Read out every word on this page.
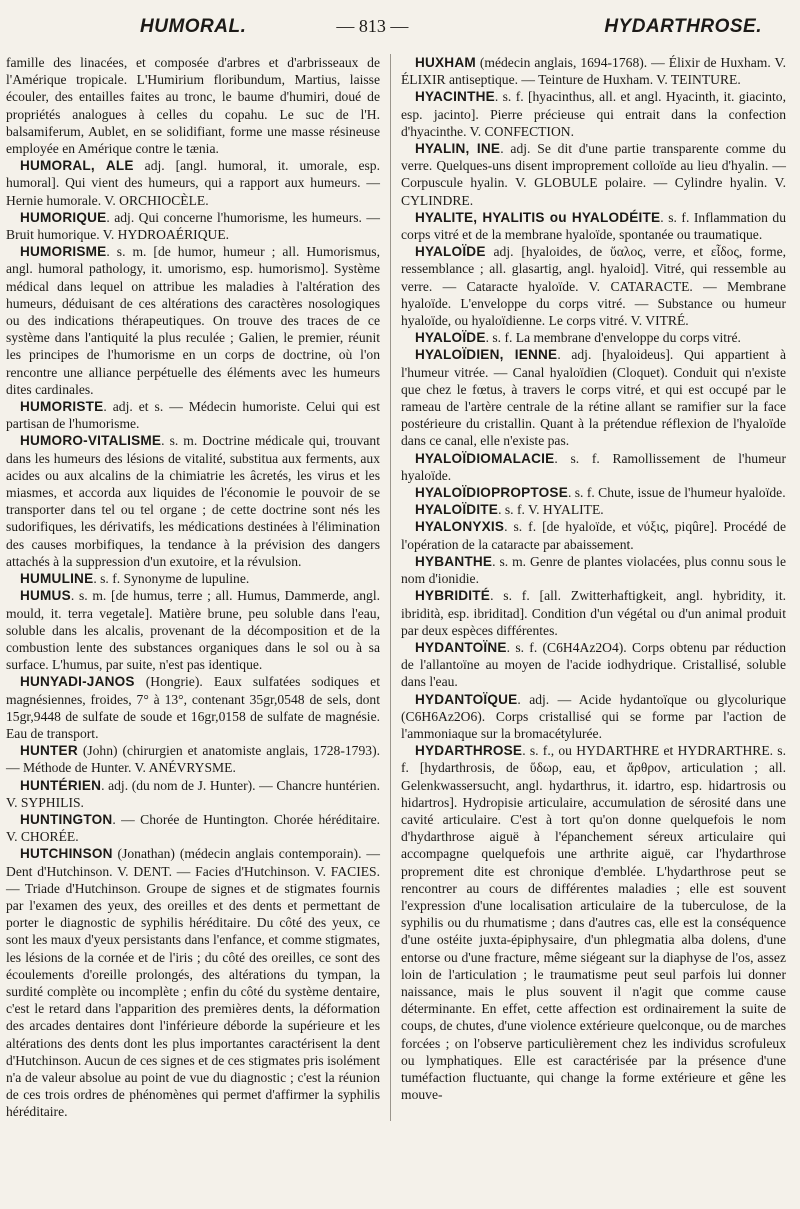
HUMORAL.	— 813 —	HYDARTHROSE.

famille des linacées, et composée d'arbres et d'arbrisseaux de l'Amérique tropicale. L'Humirium floribundum, Martius, laisse écouler, des entailles faites au tronc, le baume d'humiri, doué de propriétés analogues à celles du copahu. Le suc de l'H. balsamiferum, Aublet, en se solidifiant, forme une masse résineuse employée en Amérique contre le tænia.

HUMORAL, ALE adj. [angl. humoral, it. umorale, esp. humoral]. Qui vient des humeurs, qui a rapport aux humeurs. — Hernie humorale. V. ORCHIOCÈLE.

HUMORIQUE. adj. Qui concerne l'humorisme, les humeurs. — Bruit humorique. V. HYDROAÉRIQUE.

HUMORISME. s. m. [de humor, humeur ; all. Humorismus, angl. humoral pathology, it. umorismo, esp. humorismo]. Système médical dans lequel on attribue les maladies à l'altération des humeurs, déduisant de ces altérations des caractères nosologiques ou des indications thérapeutiques. On trouve des traces de ce système dans l'antiquité la plus reculée ; Galien, le premier, réunit les principes de l'humorisme en un corps de doctrine, où l'on rencontre une alliance perpétuelle des éléments avec les humeurs dites cardinales.

HUMORISTE. adj. et s. — Médecin humoriste. Celui qui est partisan de l'humorisme.

HUMORO-VITALISME. s. m. Doctrine médicale qui, trouvant dans les humeurs des lésions de vitalité, substitua aux ferments, aux acides ou aux alcalins de la chimiatrie les âcretés, les virus et les miasmes, et accorda aux liquides de l'économie le pouvoir de se transporter dans tel ou tel organe ; de cette doctrine sont nés les sudorifiques, les dérivatifs, les médications destinées à l'élimination des causes morbifiques, la tendance à la prévision des dangers attachés à la suppression d'un exutoire, et la révulsion.

HUMULINE. s. f. Synonyme de lupuline.

HUMUS. s. m. [de humus, terre ; all. Humus, Dammerde, angl. mould, it. terra vegetale]. Matière brune, peu soluble dans l'eau, soluble dans les alcalis, provenant de la décomposition et de la combustion lente des substances organiques dans le sol ou à sa surface. L'humus, par suite, n'est pas identique.

HUNYADI-JANOS (Hongrie). Eaux sulfatées sodiques et magnésiennes, froides, 7° à 13°, contenant 35gr,0548 de sels, dont 15gr,9448 de sulfate de soude et 16gr,0158 de sulfate de magnésie. Eau de transport.

HUNTER (John) (chirurgien et anatomiste anglais, 1728-1793). — Méthode de Hunter. V. ANÉVRYSME.

HUNTÉRIEN. adj. (du nom de J. Hunter). — Chancre huntérien. V. SYPHILIS.

HUNTINGTON. — Chorée de Huntington. Chorée héréditaire. V. CHORÉE.

HUTCHINSON (Jonathan) (médecin anglais contemporain). — Dent d'Hutchinson. V. DENT. — Facies d'Hutchinson. V. FACIES. — Triade d'Hutchinson. Groupe de signes et de stigmates fournis par l'examen des yeux, des oreilles et des dents et permettant de porter le diagnostic de syphilis héréditaire. Du côté des yeux, ce sont les maux d'yeux persistants dans l'enfance, et comme stigmates, les lésions de la cornée et de l'iris ; du côté des oreilles, ce sont des écoulements d'oreille prolongés, des altérations du tympan, la surdité complète ou incomplète ; enfin du côté du système dentaire, c'est le retard dans l'apparition des premières dents, la déformation des arcades dentaires dont l'inférieure déborde la supérieure et les altérations des dents dont les plus importantes caractérisent la dent d'Hutchinson. Aucun de ces signes et de ces stigmates pris isolément n'a de valeur absolue au point de vue du diagnostic ; c'est la réunion de ces trois ordres de phénomènes qui permet d'affirmer la syphilis héréditaire.

HUXHAM (médecin anglais, 1694-1768). — Élixir de Huxham. V. ÉLIXIR antiseptique. — Teinture de Huxham. V. TEINTURE.

HYACINTHE. s. f. [hyacinthus, all. et angl. Hyacinth, it. giacinto, esp. jacinto]. Pierre précieuse qui entrait dans la confection d'hyacinthe. V. CONFECTION.

HYALIN, INE. adj. Se dit d'une partie transparente comme du verre. Quelques-uns disent improprement colloïde au lieu d'hyalin. — Corpuscule hyalin. V. GLOBULE polaire. — Cylindre hyalin. V. CYLINDRE.

HYALITE, HYALITIS ou HYALODÉITE. s. f. Inflammation du corps vitré et de la membrane hyaloïde, spontanée ou traumatique.

HYALOÏDE adj. [hyaloides, de ὕαλος, verre, et εἶδος, forme, ressemblance ; all. glasartig, angl. hyaloid]. Vitré, qui ressemble au verre. — Cataracte hyaloïde. V. CATARACTE. — Membrane hyaloïde. L'enveloppe du corps vitré. — Substance ou humeur hyaloïde, ou hyaloïdienne. Le corps vitré. V. VITRÉ.

HYALOÏDE. s. f. La membrane d'enveloppe du corps vitré.

HYALOÏDIEN, IENNE. adj. [hyaloideus]. Qui appartient à l'humeur vitrée. — Canal hyaloïdien (Cloquet). Conduit qui n'existe que chez le fœtus, à travers le corps vitré, et qui est occupé par le rameau de l'artère centrale de la rétine allant se ramifier sur la face postérieure du cristallin. Quant à la prétendue réflexion de l'hyaloïde dans ce canal, elle n'existe pas.

HYALOÏDIOMALACIE. s. f. Ramollissement de l'humeur hyaloïde.

HYALOÏDIOPROPTOSE. s. f. Chute, issue de l'humeur hyaloïde.

HYALOÏDITE. s. f. V. HYALITE.

HYALONYXIS. s. f. [de hyaloïde, et νύξις, piqûre]. Procédé de l'opération de la cataracte par abaissement.

HYBANTHE. s. m. Genre de plantes violacées, plus connu sous le nom d'ionidie.

HYBRIDITÉ. s. f. [all. Zwitterhaftigkeit, angl. hybridity, it. ibridità, esp. ibriditad]. Condition d'un végétal ou d'un animal produit par deux espèces différentes.

HYDANTOÏNE. s. f. (C6H4Az2O4). Corps obtenu par réduction de l'allantoïne au moyen de l'acide iodhydrique. Cristallisé, soluble dans l'eau.

HYDANTOÏQUE. adj. — Acide hydantoïque ou glycolurique (C6H6Az2O6). Corps cristallisé qui se forme par l'action de l'ammoniaque sur la bromacétylurée.

HYDARTHROSE. s. f., ou HYDARTHRE et HYDRARTHRE. s. f. [hydarthrosis, de ὕδωρ, eau, et ἄρθρον, articulation ; all. Gelenkwassersucht, angl. hydarthrus, it. idartro, esp. hidartrosis ou hidartros]. Hydropisie articulaire, accumulation de sérosité dans une cavité articulaire. C'est à tort qu'on donne quelquefois le nom d'hydarthrose aiguë à l'épanchement séreux articulaire qui accompagne quelquefois une arthrite aiguë, car l'hydarthrose proprement dite est chronique d'emblée. L'hydarthrose peut se rencontrer au cours de différentes maladies ; elle est souvent l'expression d'une localisation articulaire de la tuberculose, de la syphilis ou du rhumatisme ; dans d'autres cas, elle est la conséquence d'une ostéite juxta-épiphysaire, d'un phlegmatia alba dolens, d'une entorse ou d'une fracture, même siégeant sur la diaphyse de l'os, assez loin de l'articulation ; le traumatisme peut seul parfois lui donner naissance, mais le plus souvent il n'agit que comme cause déterminante. En effet, cette affection est ordinairement la suite de coups, de chutes, d'une violence extérieure quelconque, ou de marches forcées ; on l'observe particulièrement chez les individus scrofuleux ou lymphatiques. Elle est caractérisée par la présence d'une tuméfaction fluctuante, qui change la forme extérieure et gêne les mouve-
